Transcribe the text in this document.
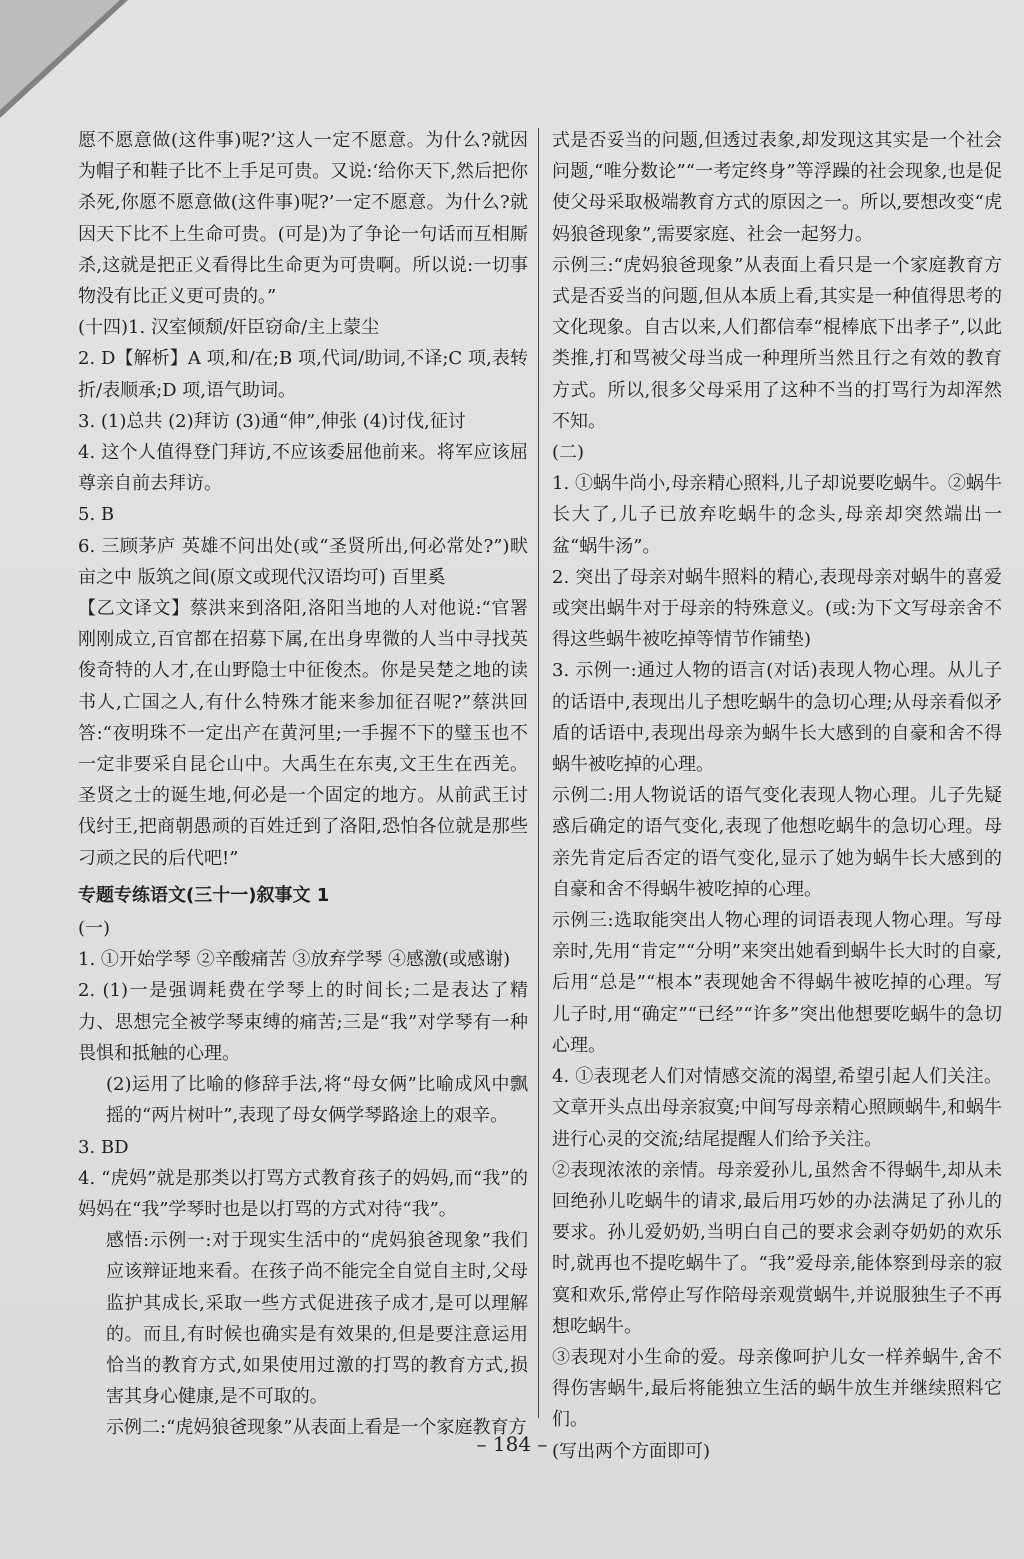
愿不愿意做(这件事)呢?’这人一定不愿意。为什么?就因为帽子和鞋子比不上手足可贵。又说:‘给你天下,然后把你杀死,你愿不愿意做(这件事)呢?’一定不愿意。为什么?就因天下比不上生命可贵。(可是)为了争论一句话而互相厮杀,这就是把正义看得比生命更为可贵啊。所以说:一切事物没有比正义更可贵的。”

(十四)1. 汉室倾颓/奸臣窃命/主上蒙尘

2. D【解析】A 项,和/在;B 项,代词/助词,不译;C 项,表转折/表顺承;D 项,语气助词。

3. (1)总共 (2)拜访 (3)通“伸”,伸张 (4)讨伐,征讨

4. 这个人值得登门拜访,不应该委屈他前来。将军应该屈尊亲自前去拜访。

5. B

6. 三顾茅庐 英雄不问出处(或“圣贤所出,何必常处?”)畎亩之中 版筑之间(原文或现代汉语均可) 百里奚

【乙文译文】蔡洪来到洛阳,洛阳当地的人对他说:“官署刚刚成立,百官都在招募下属,在出身卑微的人当中寻找英俊奇特的人才,在山野隐士中征俊杰。你是吴楚之地的读书人,亡国之人,有什么特殊才能来参加征召呢?”蔡洪回答:“夜明珠不一定出产在黄河里;一手握不下的璧玉也不一定非要采自昆仑山中。大禹生在东夷,文王生在西羌。圣贤之士的诞生地,何必是一个固定的地方。从前武王讨伐纣王,把商朝愚顽的百姓迁到了洛阳,恐怕各位就是那些刁顽之民的后代吧!”

专题专练语文(三十一)叙事文 1

(一)

1. ①开始学琴 ②辛酸痛苦 ③放弃学琴 ④感激(或感谢)

2. (1)一是强调耗费在学琴上的时间长;二是表达了精力、思想完全被学琴束缚的痛苦;三是“我”对学琴有一种畏惧和抵触的心理。

(2)运用了比喻的修辞手法,将“母女俩”比喻成风中飘摇的“两片树叶”,表现了母女俩学琴路途上的艰辛。

3. BD

4. “虎妈”就是那类以打骂方式教育孩子的妈妈,而“我”的妈妈在“我”学琴时也是以打骂的方式对待“我”。

感悟:示例一:对于现实生活中的“虎妈狼爸现象”我们应该辩证地来看。在孩子尚不能完全自觉自主时,父母监护其成长,采取一些方式促进孩子成才,是可以理解的。而且,有时候也确实是有效果的,但是要注意运用恰当的教育方式,如果使用过激的打骂的教育方式,损害其身心健康,是不可取的。

示例二:“虎妈狼爸现象”从表面上看是一个家庭教育方

式是否妥当的问题,但透过表象,却发现这其实是一个社会问题,“唯分数论”“一考定终身”等浮躁的社会现象,也是促使父母采取极端教育方式的原因之一。所以,要想改变“虎妈狼爸现象”,需要家庭、社会一起努力。

示例三:“虎妈狼爸现象”从表面上看只是一个家庭教育方式是否妥当的问题,但从本质上看,其实是一种值得思考的文化现象。自古以来,人们都信奉“棍棒底下出孝子”,以此类推,打和骂被父母当成一种理所当然且行之有效的教育方式。所以,很多父母采用了这种不当的打骂行为却浑然不知。

(二)

1. ①蜗牛尚小,母亲精心照料,儿子却说要吃蜗牛。②蜗牛长大了,儿子已放弃吃蜗牛的念头,母亲却突然端出一盆“蜗牛汤”。

2. 突出了母亲对蜗牛照料的精心,表现母亲对蜗牛的喜爱或突出蜗牛对于母亲的特殊意义。(或:为下文写母亲舍不得这些蜗牛被吃掉等情节作铺垫)

3. 示例一:通过人物的语言(对话)表现人物心理。从儿子的话语中,表现出儿子想吃蜗牛的急切心理;从母亲看似矛盾的话语中,表现出母亲为蜗牛长大感到的自豪和舍不得蜗牛被吃掉的心理。

示例二:用人物说话的语气变化表现人物心理。儿子先疑惑后确定的语气变化,表现了他想吃蜗牛的急切心理。母亲先肯定后否定的语气变化,显示了她为蜗牛长大感到的自豪和舍不得蜗牛被吃掉的心理。

示例三:选取能突出人物心理的词语表现人物心理。写母亲时,先用“肯定”“分明”来突出她看到蜗牛长大时的自豪,后用“总是”“根本”表现她舍不得蜗牛被吃掉的心理。写儿子时,用“确定”“已经”“许多”突出他想要吃蜗牛的急切心理。

4. ①表现老人们对情感交流的渴望,希望引起人们关注。文章开头点出母亲寂寞;中间写母亲精心照顾蜗牛,和蜗牛进行心灵的交流;结尾提醒人们给予关注。

②表现浓浓的亲情。母亲爱孙儿,虽然舍不得蜗牛,却从未回绝孙儿吃蜗牛的请求,最后用巧妙的办法满足了孙儿的要求。孙儿爱奶奶,当明白自己的要求会剥夺奶奶的欢乐时,就再也不提吃蜗牛了。“我”爱母亲,能体察到母亲的寂寞和欢乐,常停止写作陪母亲观赏蜗牛,并说服独生子不再想吃蜗牛。

③表现对小生命的爱。母亲像呵护儿女一样养蜗牛,舍不得伤害蜗牛,最后将能独立生活的蜗牛放生并继续照料它们。

(写出两个方面即可)

– 184 –
